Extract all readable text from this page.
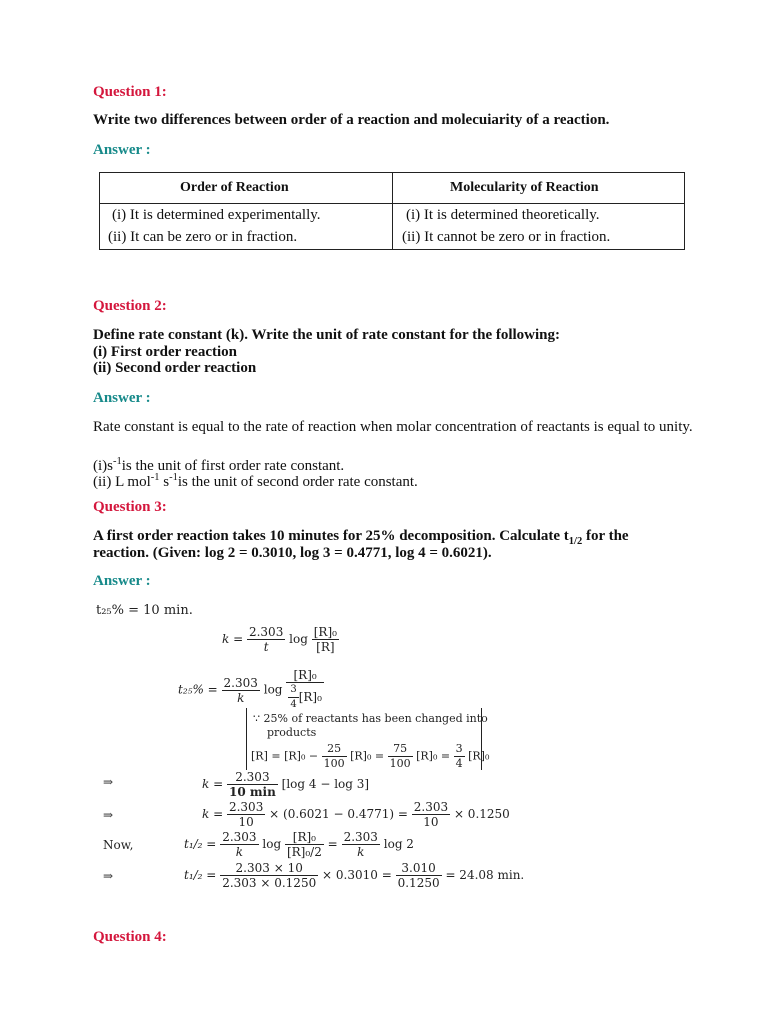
Question 1:
Write two differences between order of a reaction and molecuiarity of a reaction.
Answer :
Order of Reaction	Molecularity of Reaction
(i) It is determined experimentally.	(i) It is determined theoretically.
(ii) It can be zero or in fraction.	(ii) It cannot be zero or in fraction.
Question 2:
Define rate constant (k). Write the unit of rate constant for the following:
(i) First order reaction
(ii) Second order reaction
Answer :
Rate constant is equal to the rate of reaction when molar concentration of reactants is equal to unity.
$(i)s^{-1}is$ the unit of first order rate constant.
(ii) L mol$^{-1}$ $s^{-1}is$ the unit of second order rate constant.
Question 3:
A first order reaction takes 10 minutes for 25% decomposition. Calculate $t_{1/2}$ for the
reaction. (Given: log 2 = 0.3010, log 3 = 0.4771, log 4 = 0.6021).
Answer :
t₂₅% = 10 min.
$k = \frac{2.303}{t}$ $\log \frac{\text{[R]₀}}{[R]}$
$t_{25}\% = \frac{2.303}{k}$ $\log \frac{\text{[R]₀}}{\frac{3}{4} [R]_0}$
∵ 25% of reactants has been changed into
products
$[R] = [R]_0 - \frac{25}{100} [R]_0 = \frac{75}{100} [R]_0 = \frac{3}{4} [R]_0$
⇒	$k = \frac{2.303}{10 \min} [\log$ 4 − log 3]
⇒	$k = \frac{2.303}{10} \times (0.6021 - 0.4771) = \frac{2.303}{10} \times 0.1250$
Now,	$t_1/_2 = \frac{2.303}{k}$ $\log \frac{\text{[R]₀}}{\text{[R]₀/2}} = \frac{2.303}{k}$ log 2
⇒	$t_1/_2 = \frac{2.303 \times 10}{2.303 \times 0.1250} \times 0.3010 = \frac{3.010}{0.1250} = 24.08$ min.
Question 4:
